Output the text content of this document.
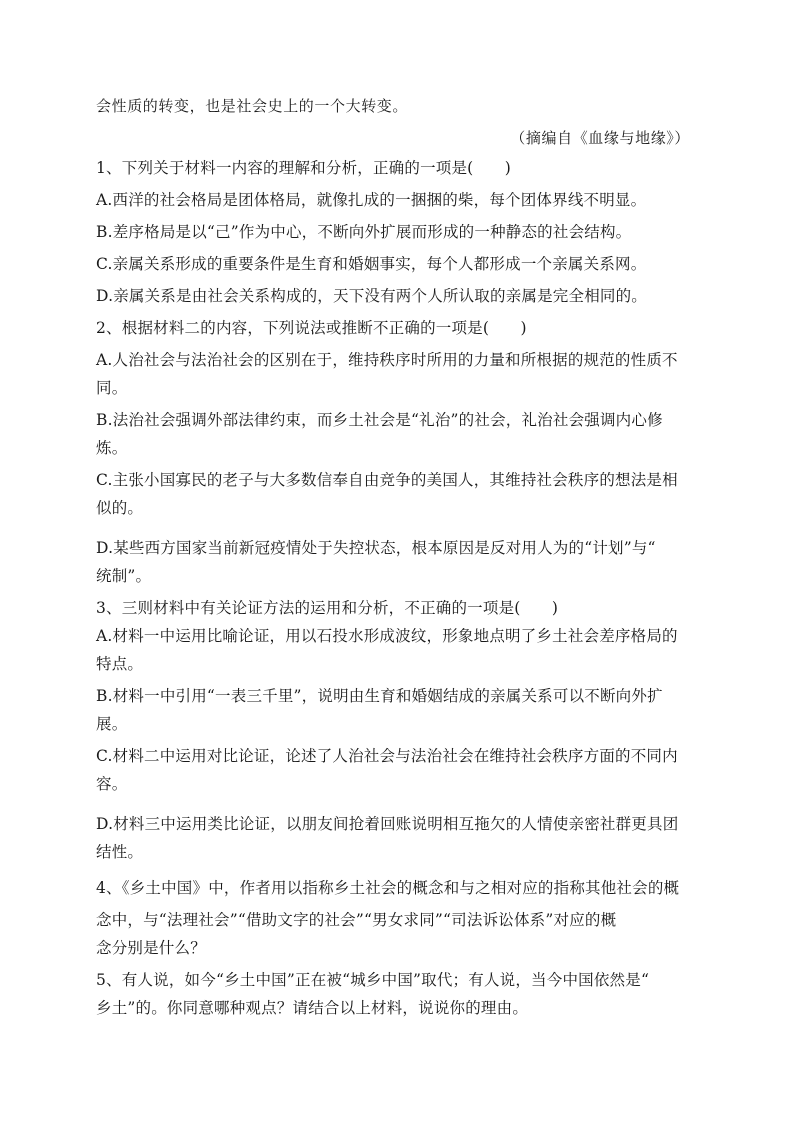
会性质的转变，也是社会史上的一个大转变。
（摘编自《血缘与地缘》）
1、下列关于材料一内容的理解和分析，正确的一项是(　　)
A.西洋的社会格局是团体格局，就像扎成的一捆捆的柴，每个团体界线不明显。
B.差序格局是以“己”作为中心，不断向外扩展而形成的一种静态的社会结构。
C.亲属关系形成的重要条件是生育和婚姻事实，每个人都形成一个亲属关系网。
D.亲属关系是由社会关系构成的，天下没有两个人所认取的亲属是完全相同的。
2、根据材料二的内容，下列说法或推断不正确的一项是(　　)
A.人治社会与法治社会的区别在于，维持秩序时所用的力量和所根据的规范的性质不
同。
B.法治社会强调外部法律约束，而乡土社会是“礼治”的社会，礼治社会强调内心修
炼。
C.主张小国寡民的老子与大多数信奉自由竞争的美国人，其维持社会秩序的想法是相
似的。
D.某些西方国家当前新冠疫情处于失控状态，根本原因是反对用人为的“计划”与“
统制”。
3、三则材料中有关论证方法的运用和分析，不正确的一项是(　　)
A.材料一中运用比喻论证，用以石投水形成波纹，形象地点明了乡土社会差序格局的
特点。
B.材料一中引用“一表三千里”，说明由生育和婚姻结成的亲属关系可以不断向外扩
展。
C.材料二中运用对比论证，论述了人治社会与法治社会在维持社会秩序方面的不同内
容。
D.材料三中运用类比论证，以朋友间抢着回账说明相互拖欠的人情使亲密社群更具团
结性。
4、《乡土中国》中，作者用以指称乡土社会的概念和与之相对应的指称其他社会的概
念中，与“法理社会”“借助文字的社会”“男女求同”“司法诉讼体系”对应的概
念分别是什么？
5、有人说，如今“乡土中国”正在被“城乡中国”取代；有人说，当今中国依然是“
乡土”的。你同意哪种观点？请结合以上材料，说说你的理由。
